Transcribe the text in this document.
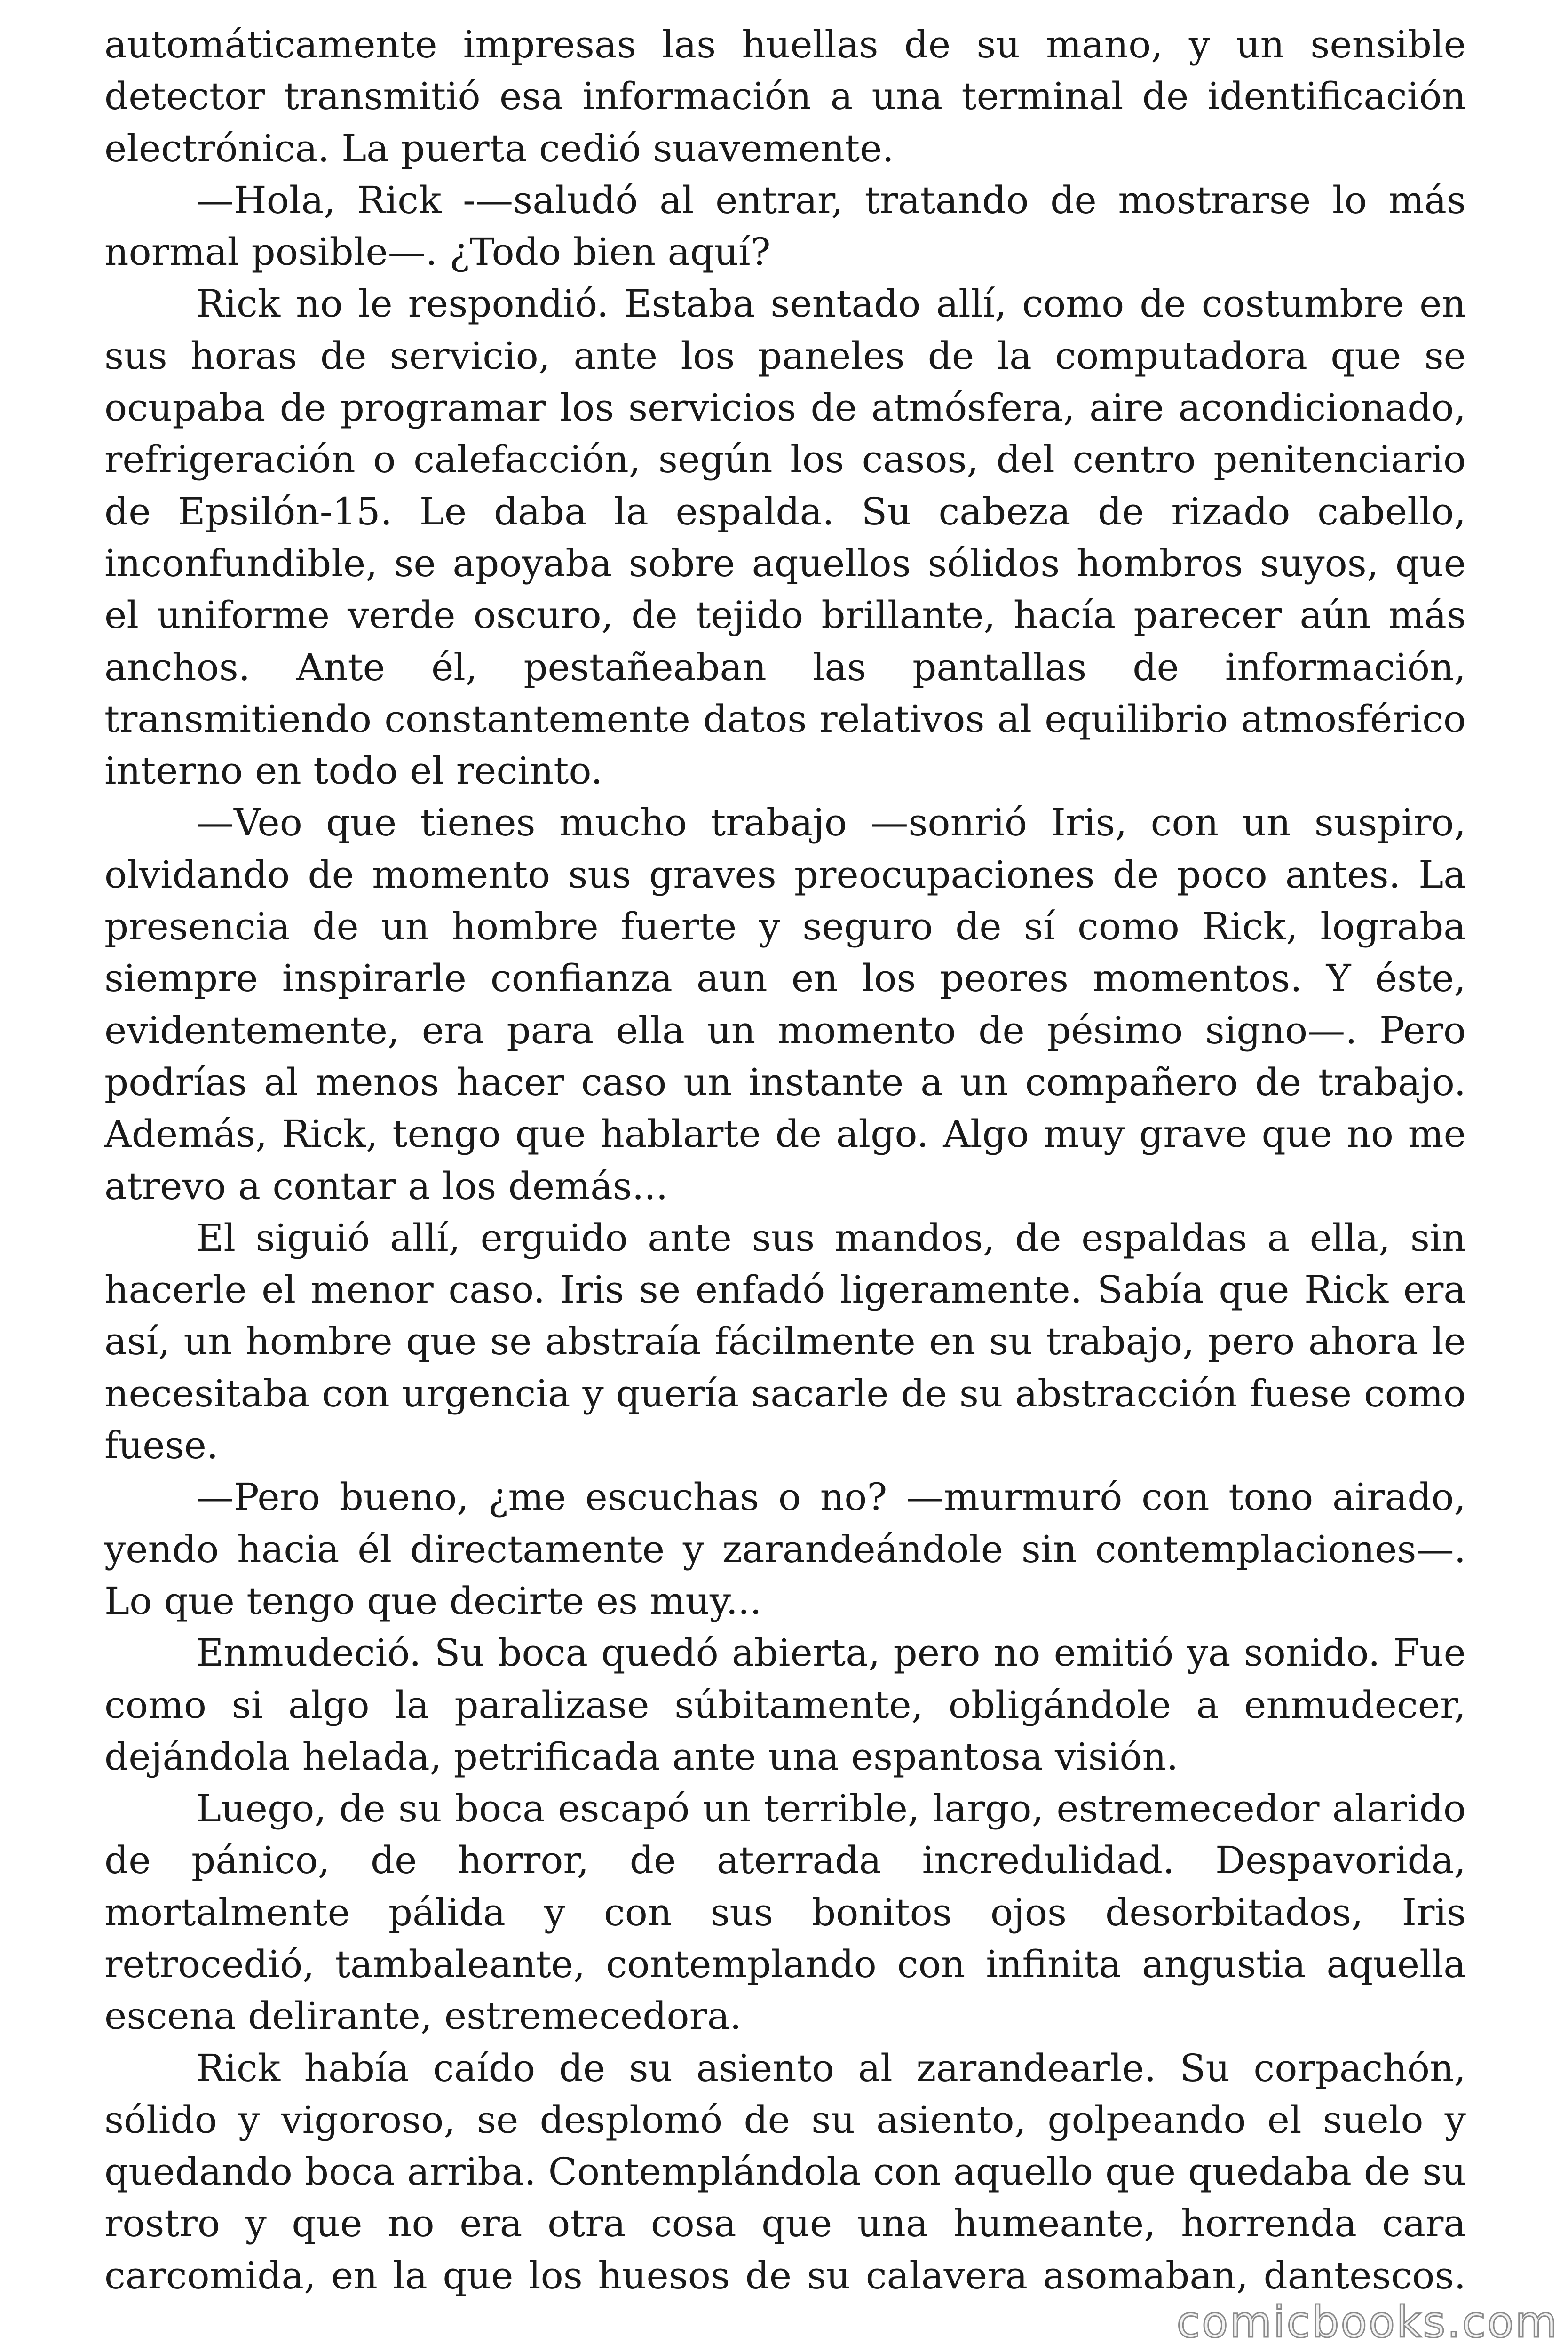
automáticamente impresas las huellas de su mano, y un sensible detector transmitió esa información a una terminal de identificación electrónica. La puerta cedió suavemente.

—Hola, Rick -—saludó al entrar, tratando de mostrarse lo más normal posible—. ¿Todo bien aquí?

Rick no le respondió. Estaba sentado allí, como de costumbre en sus horas de servicio, ante los paneles de la computadora que se ocupaba de programar los servicios de atmósfera, aire acondicionado, refrigeración o calefacción, según los casos, del centro penitenciario de Epsilón-15. Le daba la espalda. Su cabeza de rizado cabello, inconfundible, se apoyaba sobre aquellos sólidos hombros suyos, que el uniforme verde oscuro, de tejido brillante, hacía parecer aún más anchos. Ante él, pestañeaban las pantallas de información, transmitiendo constantemente datos relativos al equilibrio atmosférico interno en todo el recinto.

—Veo que tienes mucho trabajo —sonrió Iris, con un suspiro, olvidando de momento sus graves preocupaciones de poco antes. La presencia de un hombre fuerte y seguro de sí como Rick, lograba siempre inspirarle confianza aun en los peores momentos. Y éste, evidentemente, era para ella un momento de pésimo signo—. Pero podrías al menos hacer caso un instante a un compañero de trabajo. Además, Rick, tengo que hablarte de algo. Algo muy grave que no me atrevo a contar a los demás...

El siguió allí, erguido ante sus mandos, de espaldas a ella, sin hacerle el menor caso. Iris se enfadó ligeramente. Sabía que Rick era así, un hombre que se abstraía fácilmente en su trabajo, pero ahora le necesitaba con urgencia y quería sacarle de su abstracción fuese como fuese.

—Pero bueno, ¿me escuchas o no? —murmuró con tono airado, yendo hacia él directamente y zarandeándole sin contemplaciones—. Lo que tengo que decirte es muy...

Enmudeció. Su boca quedó abierta, pero no emitió ya sonido. Fue como si algo la paralizase súbitamente, obligándole a enmudecer, dejándola helada, petrificada ante una espantosa visión.

Luego, de su boca escapó un terrible, largo, estremecedor alarido de pánico, de horror, de aterrada incredulidad. Despavorida, mortalmente pálida y con sus bonitos ojos desorbitados, Iris retrocedió, tambaleante, contemplando con infinita angustia aquella escena delirante, estremecedora.

Rick había caído de su asiento al zarandearle. Su corpachón, sólido y vigoroso, se desplomó de su asiento, golpeando el suelo y quedando boca arriba. Contemplándola con aquello que quedaba de su rostro y que no era otra cosa que una humeante, horrenda cara carcomida, en la que los huesos de su calavera asomaban, dantescos.

comicbooks.com
